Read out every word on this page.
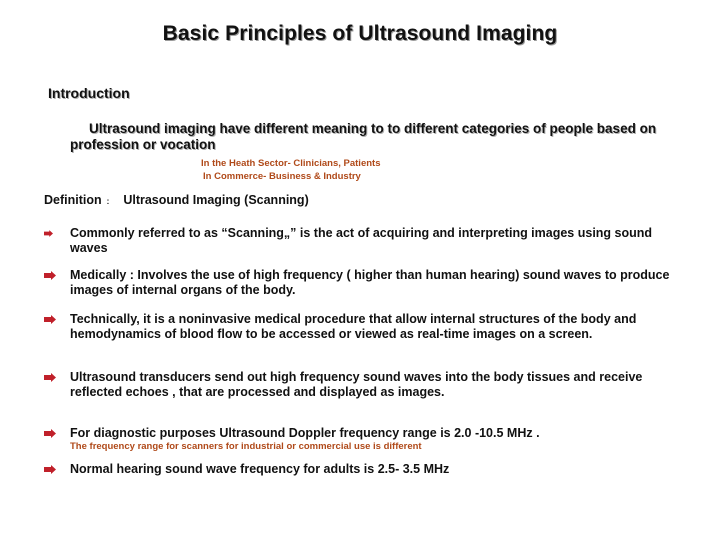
Basic Principles of Ultrasound Imaging
Introduction
Ultrasound imaging have different meaning to to different categories of people based on profession or vocation
In the Heath Sector- Clinicians, Patients
In Commerce- Business & Industry
Definition : Ultrasound Imaging (Scanning)
Commonly referred to as “Scanning„” is the act of acquiring and interpreting images using sound waves
Medically : Involves the use of high frequency ( higher than human hearing) sound waves to produce images of internal organs of the body.
Technically, it is a noninvasive medical procedure that allow internal structures of the body and hemodynamics of blood flow to be accessed or viewed as real-time images on a screen.
Ultrasound transducers send out high frequency sound waves into the body tissues and receive reflected echoes , that are processed and displayed as images.
For diagnostic purposes Ultrasound Doppler frequency range is 2.0 -10.5 MHz .
The frequency range for scanners for industrial or commercial use is different
Normal hearing sound wave frequency for adults is 2.5- 3.5 MHz
